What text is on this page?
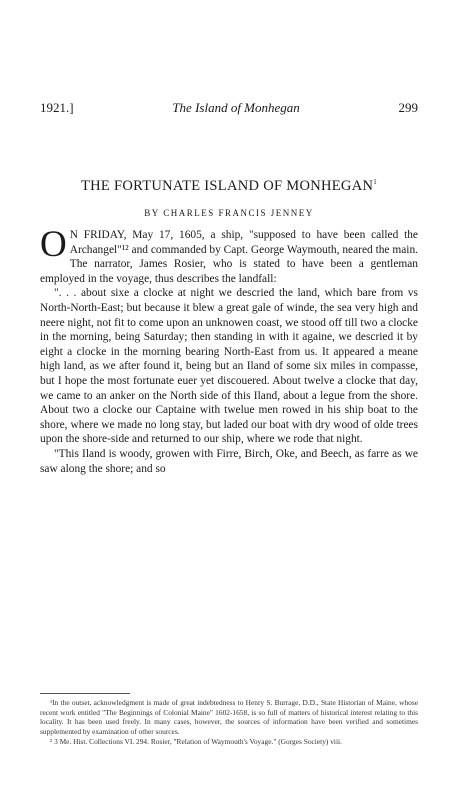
1921.]	The Island of Monhegan	299
THE FORTUNATE ISLAND OF MONHEGAN$^1$
BY CHARLES FRANCIS JENNEY

O N FRIDAY, May 17, 1605, a ship, "supposed to have been called the Archangel"¹² and commanded by Capt. George Waymouth, neared the main. The narrator, James Rosier, who is stated to have been a gentleman employed in the voyage, thus describes the landfall:

". . . about sixe a clocke at night we descried the land, which bare from vs North-North-East; but because it blew a great gale of winde, the sea very high and neere night, not fit to come upon an unknowen coast, we stood off till two a clocke in the morning, being Saturday; then standing in with it againe, we descried it by eight a clocke in the morning bearing North-East from us. It appeared a meane high land, as we after found it, being but an Iland of some six miles in compasse, but I hope the most fortunate euer yet discouered. About twelve a clocke that day, we came to an anker on the North side of this Iland, about a legue from the shore. About two a clocke our Captaine with twelue men rowed in his ship boat to the shore, where we made no long stay, but laded our boat with dry wood of olde trees upon the shore-side and returned to our ship, where we rode that night.

"This Iland is woody, growen with Firre, Birch, Oke, and Beech, as farre as we saw along the shore; and so

¹In the outset, acknowledgment is made of great indebtedness to Henry S. Burrage, D.D., State Historian of Maine, whose recent work entitled "The Beginnings of Colonial Maine" 1602-1658, is so full of matters of historical interest relating to this locality. It has been used freely. In many cases, however, the sources of information have been verified and sometimes supplemented by examination of other sources.

² 3 Me. Hist. Collections VI. 294. Rosier, "Relation of Waymouth's Voyage." (Gorges Society) viii.
